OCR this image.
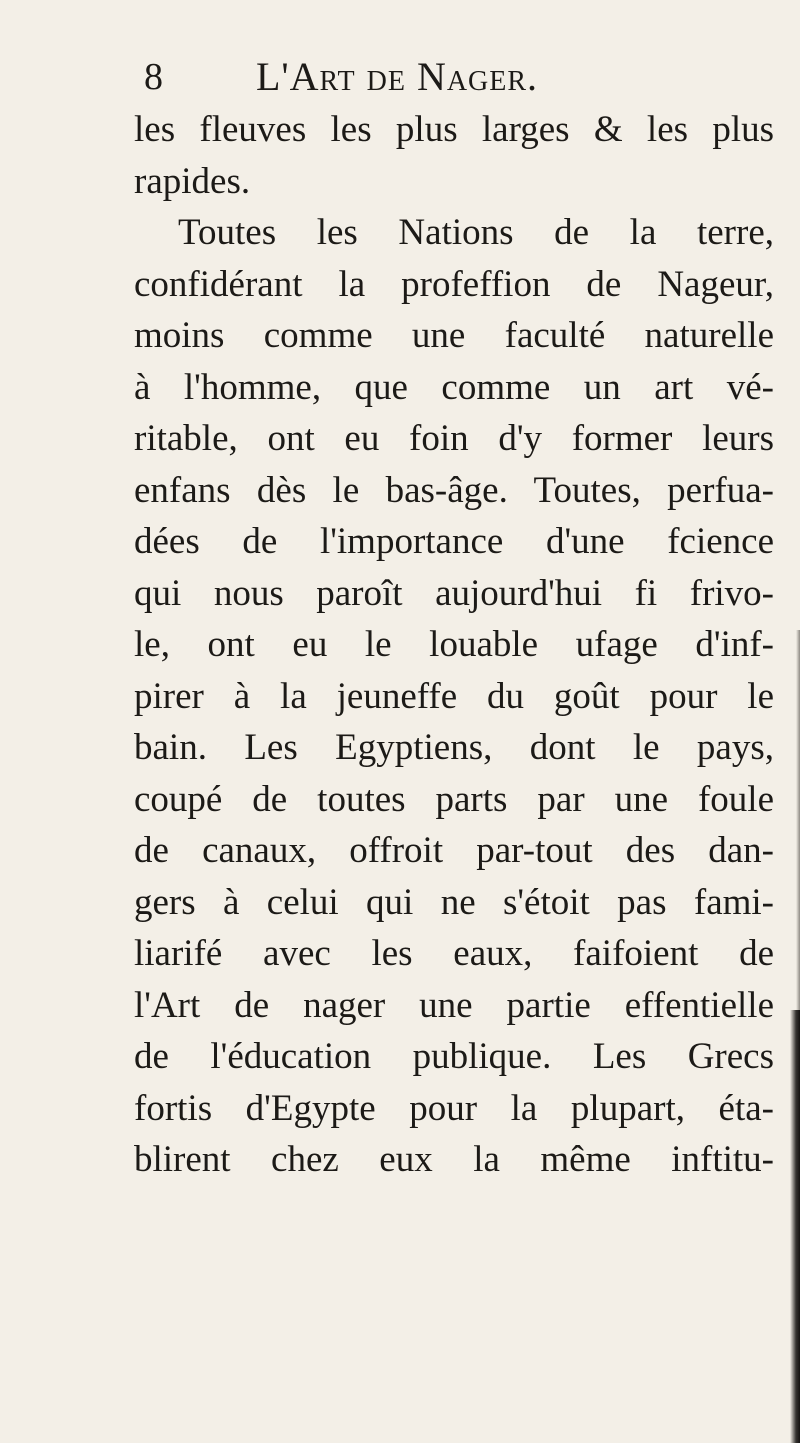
8 L'Art de Nager.
les fleuves les plus larges & les plus
rapides.
Toutes les Nations de la terre,
confidérant la profeffion de Nageur,
moins comme une faculté naturelle
à l'homme, que comme un art vé-
ritable, ont eu foin d'y former leurs
enfans dès le bas-âge. Toutes, perfua-
dées de l'importance d'une fcience
qui nous paroît aujourd'hui fi frivo-
le, ont eu le louable ufage d'inf-
pirer à la jeuneffe du goût pour le
bain. Les Egyptiens, dont le pays,
coupé de toutes parts par une foule
de canaux, offroit par-tout des dan-
gers à celui qui ne s'étoit pas fami-
liarifé avec les eaux, faifoient de
l'Art de nager une partie effentielle
de l'éducation publique. Les Grecs
fortis d'Egypte pour la plupart, éta-
blirent chez eux la même inftitu-
